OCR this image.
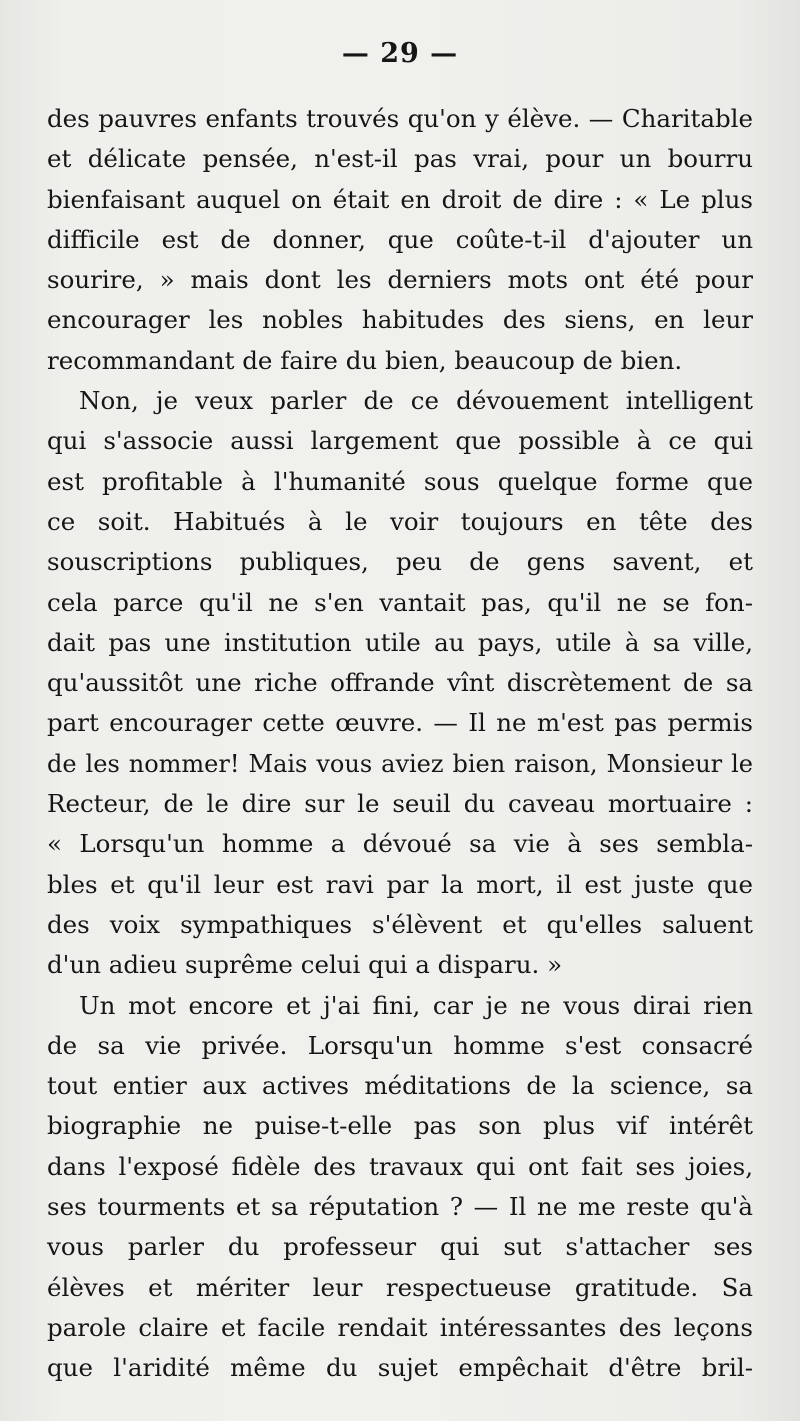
— 29 —
des pauvres enfants trouvés qu'on y élève. — Charitable
et délicate pensée, n'est-il pas vrai, pour un bourru
bienfaisant auquel on était en droit de dire : « Le plus
difficile est de donner, que coûte-t-il d'ajouter un
sourire, » mais dont les derniers mots ont été pour
encourager les nobles habitudes des siens, en leur
recommandant de faire du bien, beaucoup de bien.
Non, je veux parler de ce dévouement intelligent
qui s'associe aussi largement que possible à ce qui
est profitable à l'humanité sous quelque forme que
ce soit. Habitués à le voir toujours en tête des
souscriptions publiques, peu de gens savent, et
cela parce qu'il ne s'en vantait pas, qu'il ne se fon-
dait pas une institution utile au pays, utile à sa ville,
qu'aussitôt une riche offrande vînt discrètement de sa
part encourager cette œuvre. — Il ne m'est pas permis
de les nommer! Mais vous aviez bien raison, Monsieur le
Recteur, de le dire sur le seuil du caveau mortuaire :
« Lorsqu'un homme a dévoué sa vie à ses sembla-
bles et qu'il leur est ravi par la mort, il est juste que
des voix sympathiques s'élèvent et qu'elles saluent
d'un adieu suprême celui qui a disparu. »
Un mot encore et j'ai fini, car je ne vous dirai rien
de sa vie privée. Lorsqu'un homme s'est consacré
tout entier aux actives méditations de la science, sa
biographie ne puise-t-elle pas son plus vif intérêt
dans l'exposé fidèle des travaux qui ont fait ses joies,
ses tourments et sa réputation ? — Il ne me reste qu'à
vous parler du professeur qui sut s'attacher ses
élèves et mériter leur respectueuse gratitude. Sa
parole claire et facile rendait intéressantes des leçons
que l'aridité même du sujet empêchait d'être bril-
